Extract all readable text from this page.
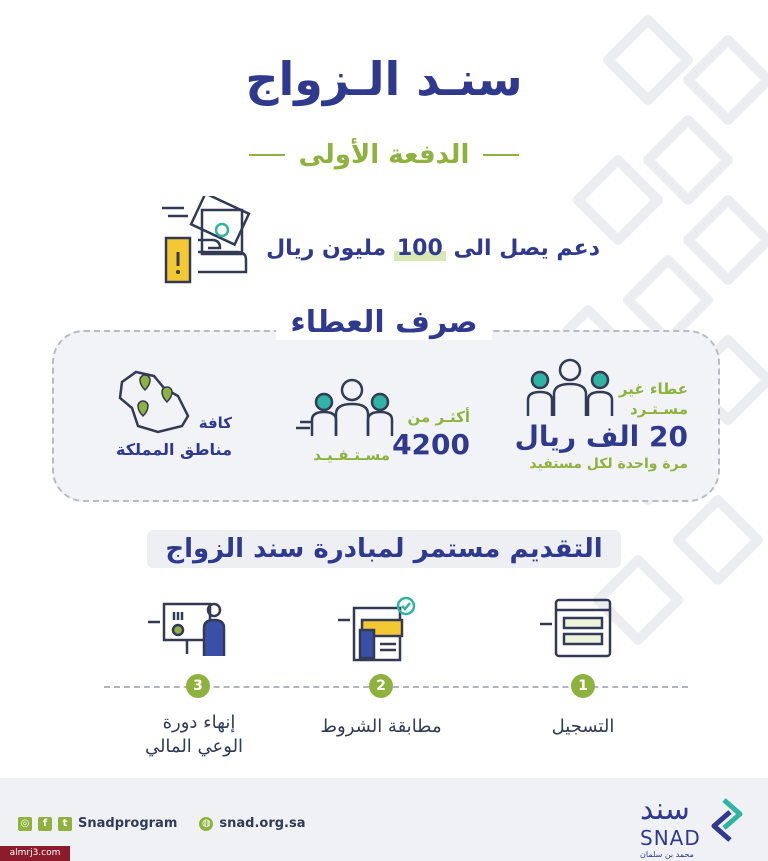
سنـد الـزواج
الدفعة الأولى
دعم يصل الى 100 مليون ريال
صرف العطاء
عطاء غير
مسـتـرد
20 الف ريال
مرة واحدة لكل مستفيد
أكثـر من
4200
مسـتـفـيـد
كافة
مناطق المملكة
التقديم مستمر لمبادرة سند الزواج
1
2
3
التسجيل
مطابقة الشروط
إنهاء دورة
الوعي المالي
◎	f	t Snadprogram ◍ snad.org.sa	سند
SNAD
محمد بن سلمان
almrj3.com
